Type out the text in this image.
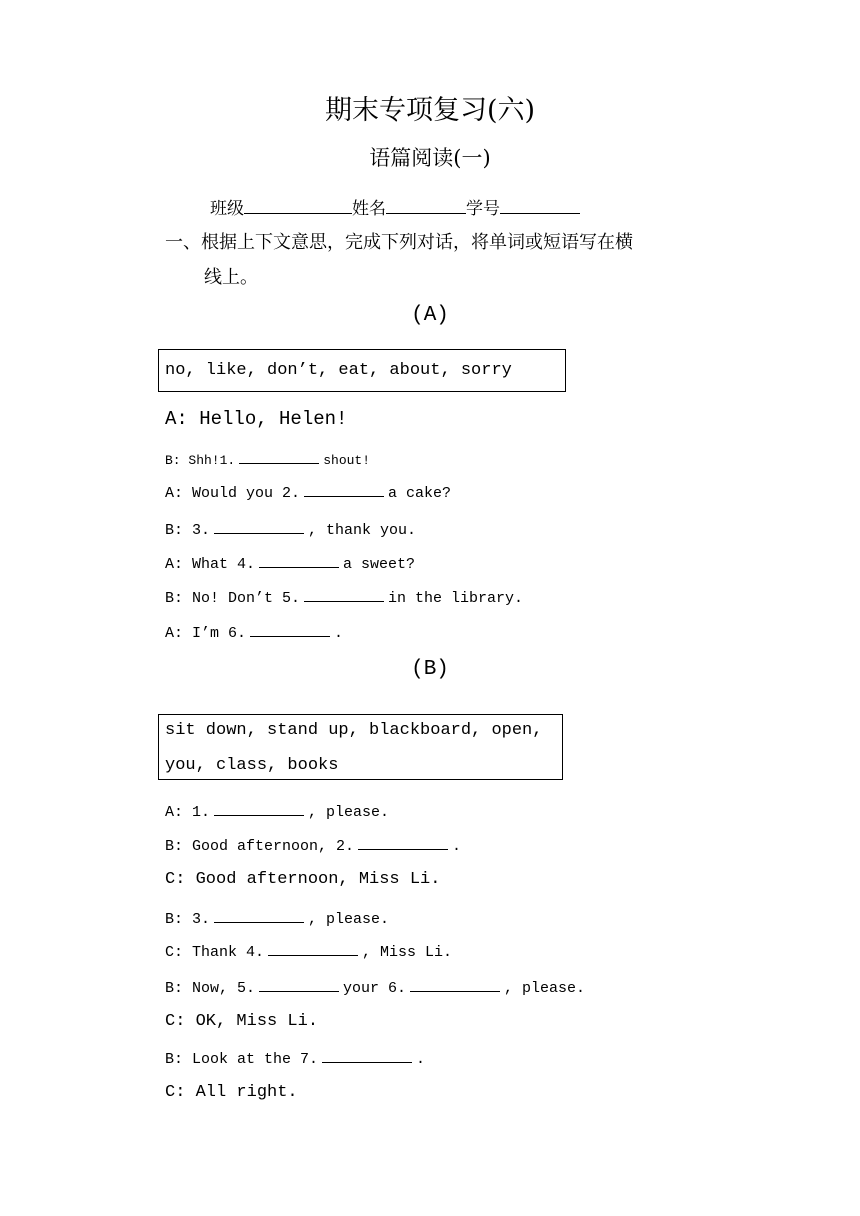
期末专项复习(六)
语篇阅读(一)
班级	姓名	学号
一、根据上下文意思，完成下列对话，将单词或短语写在横
线上。
(A)
no, like, don’t, eat, about, sorry
A: Hello, Helen!
B: Shh!1.	shout!
A: Would you 2.	a cake?
B: 3.	, thank you.
A: What 4.	a sweet?
B: No! Don’t 5.	in the library.
A: I’m 6.	.
(B)
sit down, stand up, blackboard, open,
you, class, books
A: 1.	, please.
B: Good afternoon, 2.	.
C: Good afternoon, Miss Li.
B: 3.	, please.
C: Thank 4.	, Miss Li.
B: Now, 5.	your 6.	, please.
C: OK, Miss Li.
B: Look at the 7.	.
C: All right.
